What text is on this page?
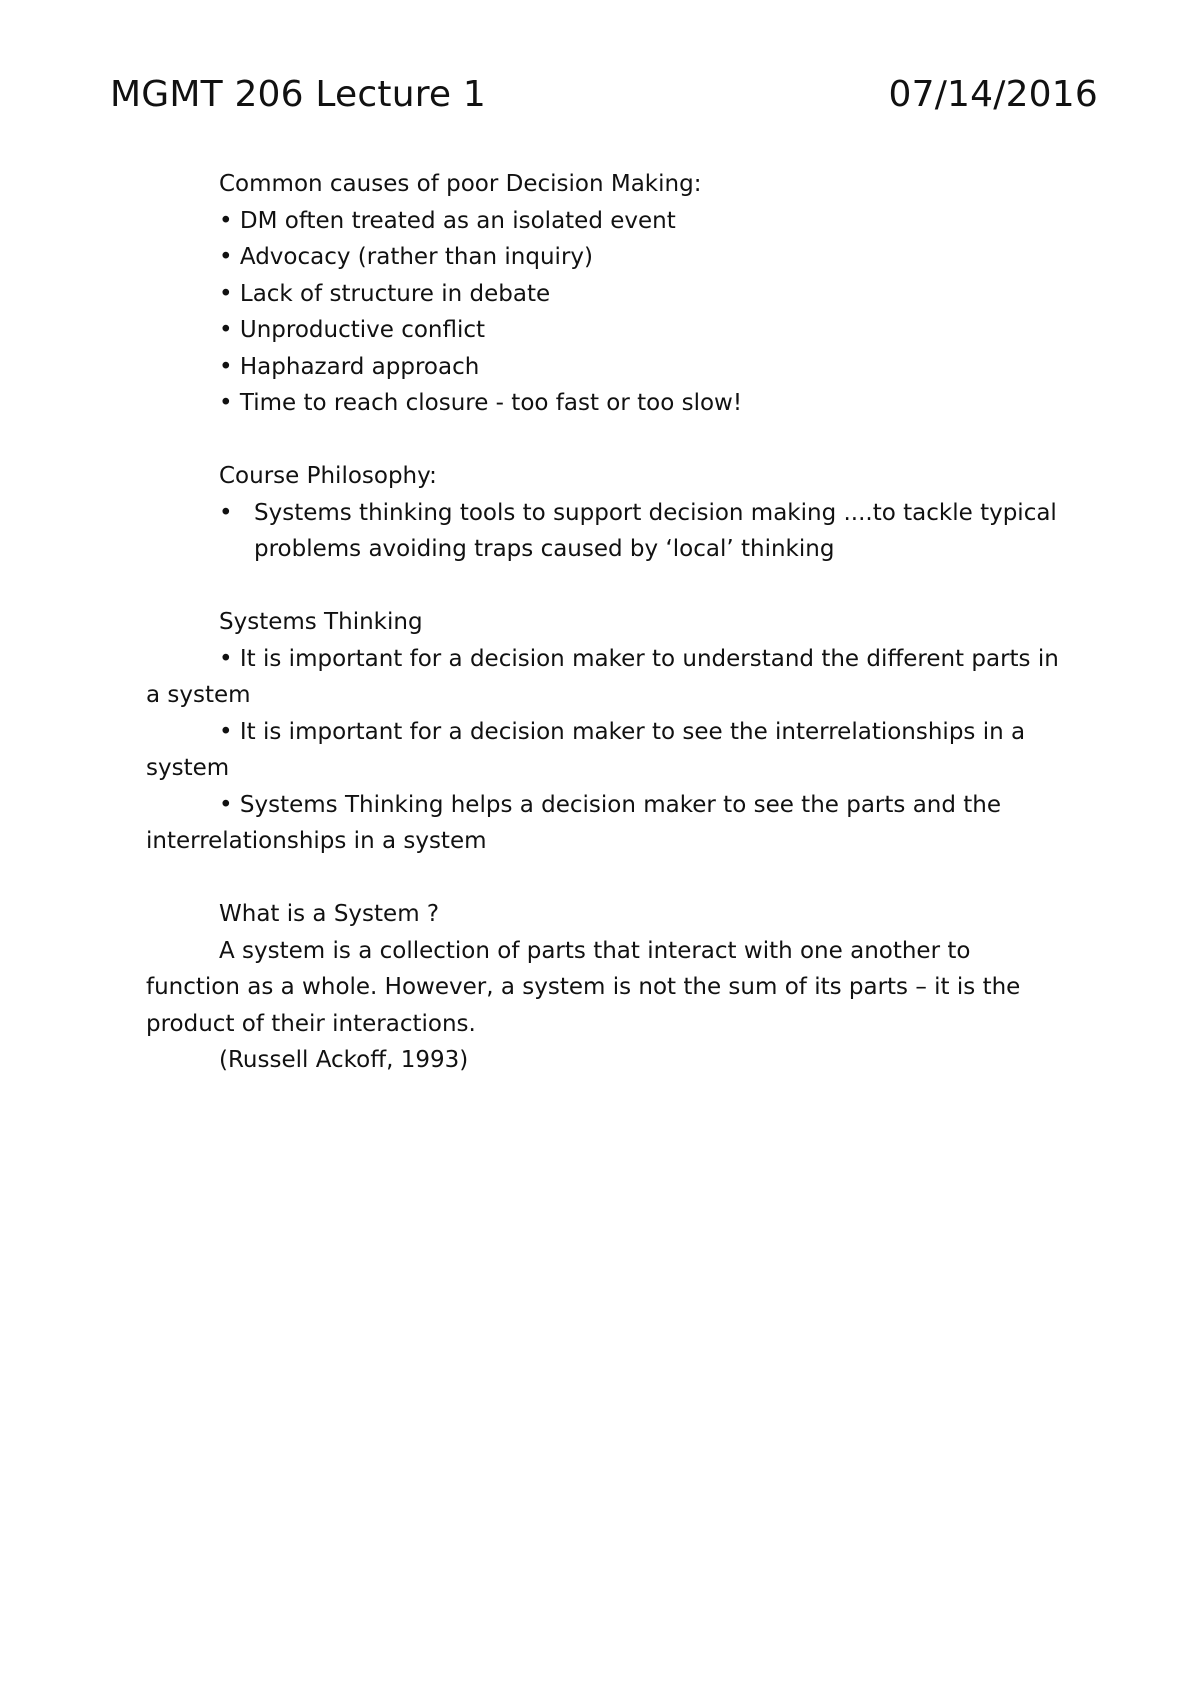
MGMT 206 Lecture 1	07/14/2016
Common causes of poor Decision Making:
• DM often treated as an isolated event
• Advocacy (rather than inquiry)
• Lack of structure in debate
• Unproductive conflict
• Haphazard approach
• Time to reach closure - too fast or too slow!
Course Philosophy:
• Systems thinking tools to support decision making ....to tackle typical problems avoiding traps caused by ‘local’ thinking
Systems Thinking
• It is important for a decision maker to understand the different parts in a system
• It is important for a decision maker to see the interrelationships in a system
• Systems Thinking helps a decision maker to see the parts and the interrelationships in a system
What is a System ?
A system is a collection of parts that interact with one another to function as a whole. However, a system is not the sum of its parts – it is the product of their interactions.
(Russell Ackoff, 1993)
